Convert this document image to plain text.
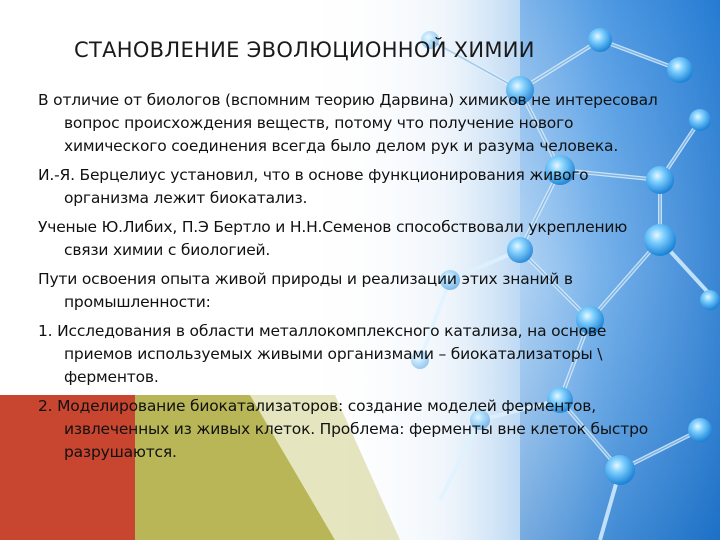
СТАНОВЛЕНИЕ ЭВОЛЮЦИОННОЙ ХИМИИ

В отличие от биологов (вспомним теорию Дарвина) химиков не интересовал вопрос происхождения веществ, потому что получение нового химического соединения всегда было делом рук и разума человека.

И.-Я. Берцелиус установил, что в основе функционирования живого организма лежит биокатализ.

Ученые Ю.Либих, П.Э Бертло и Н.Н.Семенов способствовали укреплению связи химии с биологией.

Пути освоения опыта живой природы и реализации этих знаний в промышленности:

1. Исследования в области металлокомплексного катализа, на основе приемов используемых живыми организмами – биокатализаторы \ ферментов.

2. Моделирование биокатализаторов: создание моделей ферментов, извлеченных из живых клеток. Проблема: ферменты вне клеток быстро разрушаются.
